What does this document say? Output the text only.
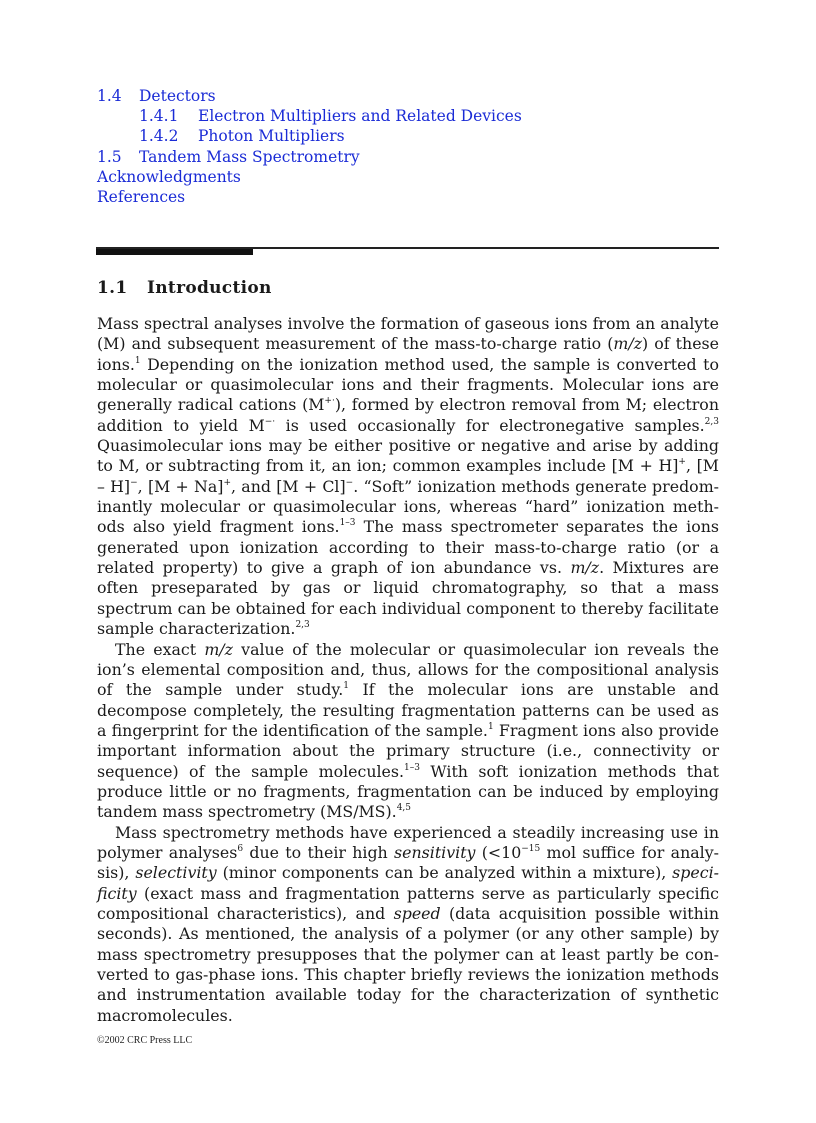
1.4 Detectors
1.4.1 Electron Multipliers and Related Devices
1.4.2 Photon Multipliers
1.5 Tandem Mass Spectrometry
Acknowledgments
References
1.1 Introduction

Mass spectral analyses involve the formation of gaseous ions from an analyte (M) and subsequent measurement of the mass-to-charge ratio (m/z) of these ions.$^1$ Depending on the ionization method used, the sample is converted to molecular or quasimolecular ions and their fragments. Molecular ions are generally radical cations (M+·), formed by electron removal from M; electron addition to yield M−· is used occasionally for electronegative samples.$^{2,3}$ Quasimolecular ions may be either positive or negative and arise by adding to M, or subtracting from it, an ion; common examples include [M + H]+, [M – H]−, [M + Na]+, and [M + Cl]−. “Soft” ionization methods generate predom-inantly molecular or quasimolecular ions, whereas “hard” ionization meth-ods also yield fragment ions.$^{1-3}$ The mass spectrometer separates the ions generated upon ionization according to their mass-to-charge ratio (or a related property) to give a graph of ion abundance vs. m/z. Mixtures are often preseparated by gas or liquid chromatography, so that a mass spectrum can be obtained for each individual component to thereby facilitate sample characterization.$^{2,3}$

The exact m/z value of the molecular or quasimolecular ion reveals the ion’s elemental composition and, thus, allows for the compositional analysis of the sample under study.$^1$ If the molecular ions are unstable and decompose completely, the resulting fragmentation patterns can be used as a fingerprint for the identification of the sample.$^1$ Fragment ions also provide important information about the primary structure (i.e., connectivity or sequence) of the sample molecules.$^{1-3}$ With soft ionization methods that produce little or no fragments, fragmentation can be induced by employing tandem mass spectrometry (MS/MS).$^{4,5}$

Mass spectrometry methods have experienced a steadily increasing use in polymer analyses$^6$ due to their high sensitivity ($<10^{-15}$ mol suffice for analy-sis), selectivity (minor components can be analyzed within a mixture), speci-ficity (exact mass and fragmentation patterns serve as particularly specific compositional characteristics), and speed (data acquisition possible within seconds). As mentioned, the analysis of a polymer (or any other sample) by mass spectrometry presupposes that the polymer can at least partly be con-verted to gas-phase ions. This chapter briefly reviews the ionization methods and instrumentation available today for the characterization of synthetic macromolecules.

©2002 CRC Press LLC
